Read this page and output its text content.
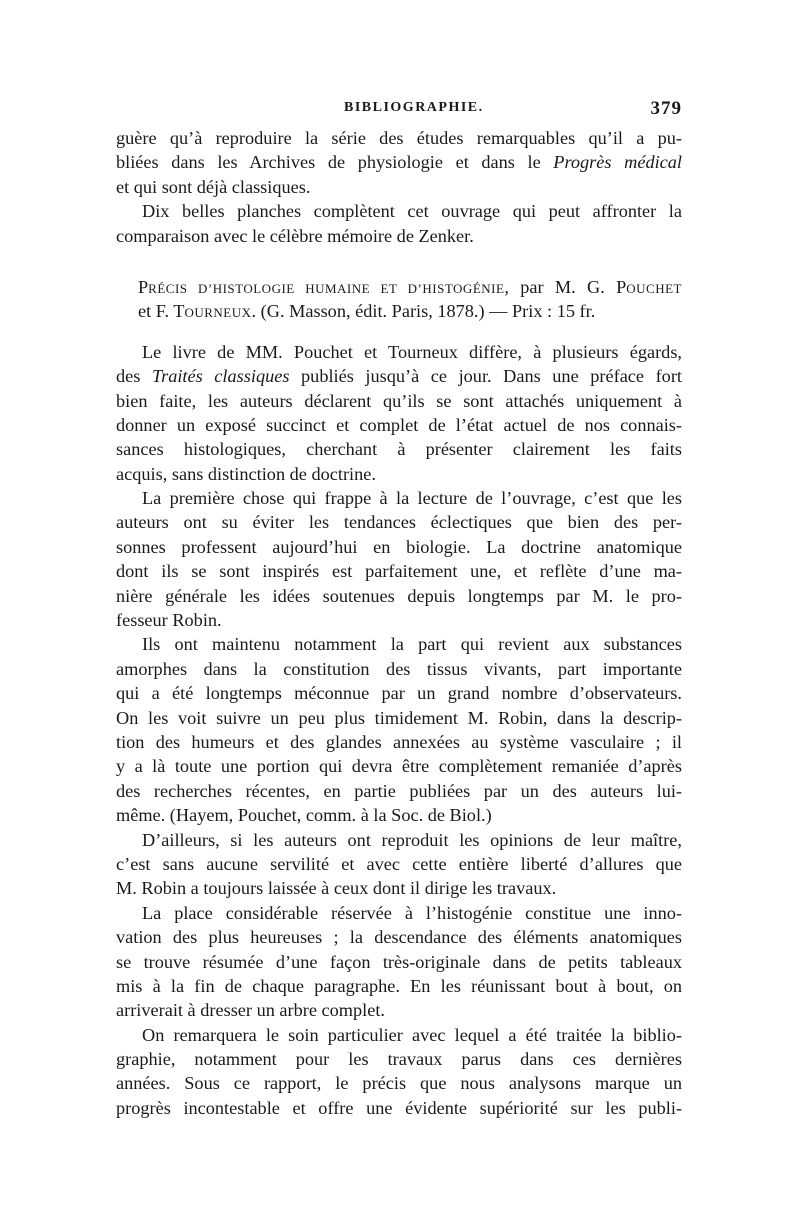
BIBLIOGRAPHIE.	379
guère qu’à reproduire la série des études remarquables qu’il a pu-
bliées dans les Archives de physiologie et dans le Progrès médical
et qui sont déjà classiques.
Dix belles planches complètent cet ouvrage qui peut affronter la
comparaison avec le célèbre mémoire de Zenker.
PRÉCIS D’HISTOLOGIE HUMAINE ET D’HISTOGÉNIE, par M. G. POUCHET
et F. TOURNEUX. (G. Masson, édit. Paris, 1878.) — Prix : 15 fr.
Le livre de MM. Pouchet et Tourneux diffère, à plusieurs égards,
des Traités classiques publiés jusqu’à ce jour. Dans une préface fort
bien faite, les auteurs déclarent qu’ils se sont attachés uniquement à
donner un exposé succinct et complet de l’état actuel de nos connais-
sances histologiques, cherchant à présenter clairement les faits
acquis, sans distinction de doctrine.
La première chose qui frappe à la lecture de l’ouvrage, c’est que les
auteurs ont su éviter les tendances éclectiques que bien des per-
sonnes professent aujourd’hui en biologie. La doctrine anatomique
dont ils se sont inspirés est parfaitement une, et reflète d’une ma-
nière générale les idées soutenues depuis longtemps par M. le pro-
fesseur Robin.
Ils ont maintenu notamment la part qui revient aux substances
amorphes dans la constitution des tissus vivants, part importante
qui a été longtemps méconnue par un grand nombre d’observateurs.
On les voit suivre un peu plus timidement M. Robin, dans la descrip-
tion des humeurs et des glandes annexées au système vasculaire ; il
y a là toute une portion qui devra être complètement remaniée d’après
des recherches récentes, en partie publiées par un des auteurs lui-
même. (Hayem, Pouchet, comm. à la Soc. de Biol.)
D’ailleurs, si les auteurs ont reproduit les opinions de leur maître,
c’est sans aucune servilité et avec cette entière liberté d’allures que
M. Robin a toujours laissée à ceux dont il dirige les travaux.
La place considérable réservée à l’histogénie constitue une inno-
vation des plus heureuses ; la descendance des éléments anatomiques
se trouve résumée d’une façon très-originale dans de petits tableaux
mis à la fin de chaque paragraphe. En les réunissant bout à bout, on
arriverait à dresser un arbre complet.
On remarquera le soin particulier avec lequel a été traitée la biblio-
graphie, notamment pour les travaux parus dans ces dernières
années. Sous ce rapport, le précis que nous analysons marque un
progrès incontestable et offre une évidente supériorité sur les publi-
